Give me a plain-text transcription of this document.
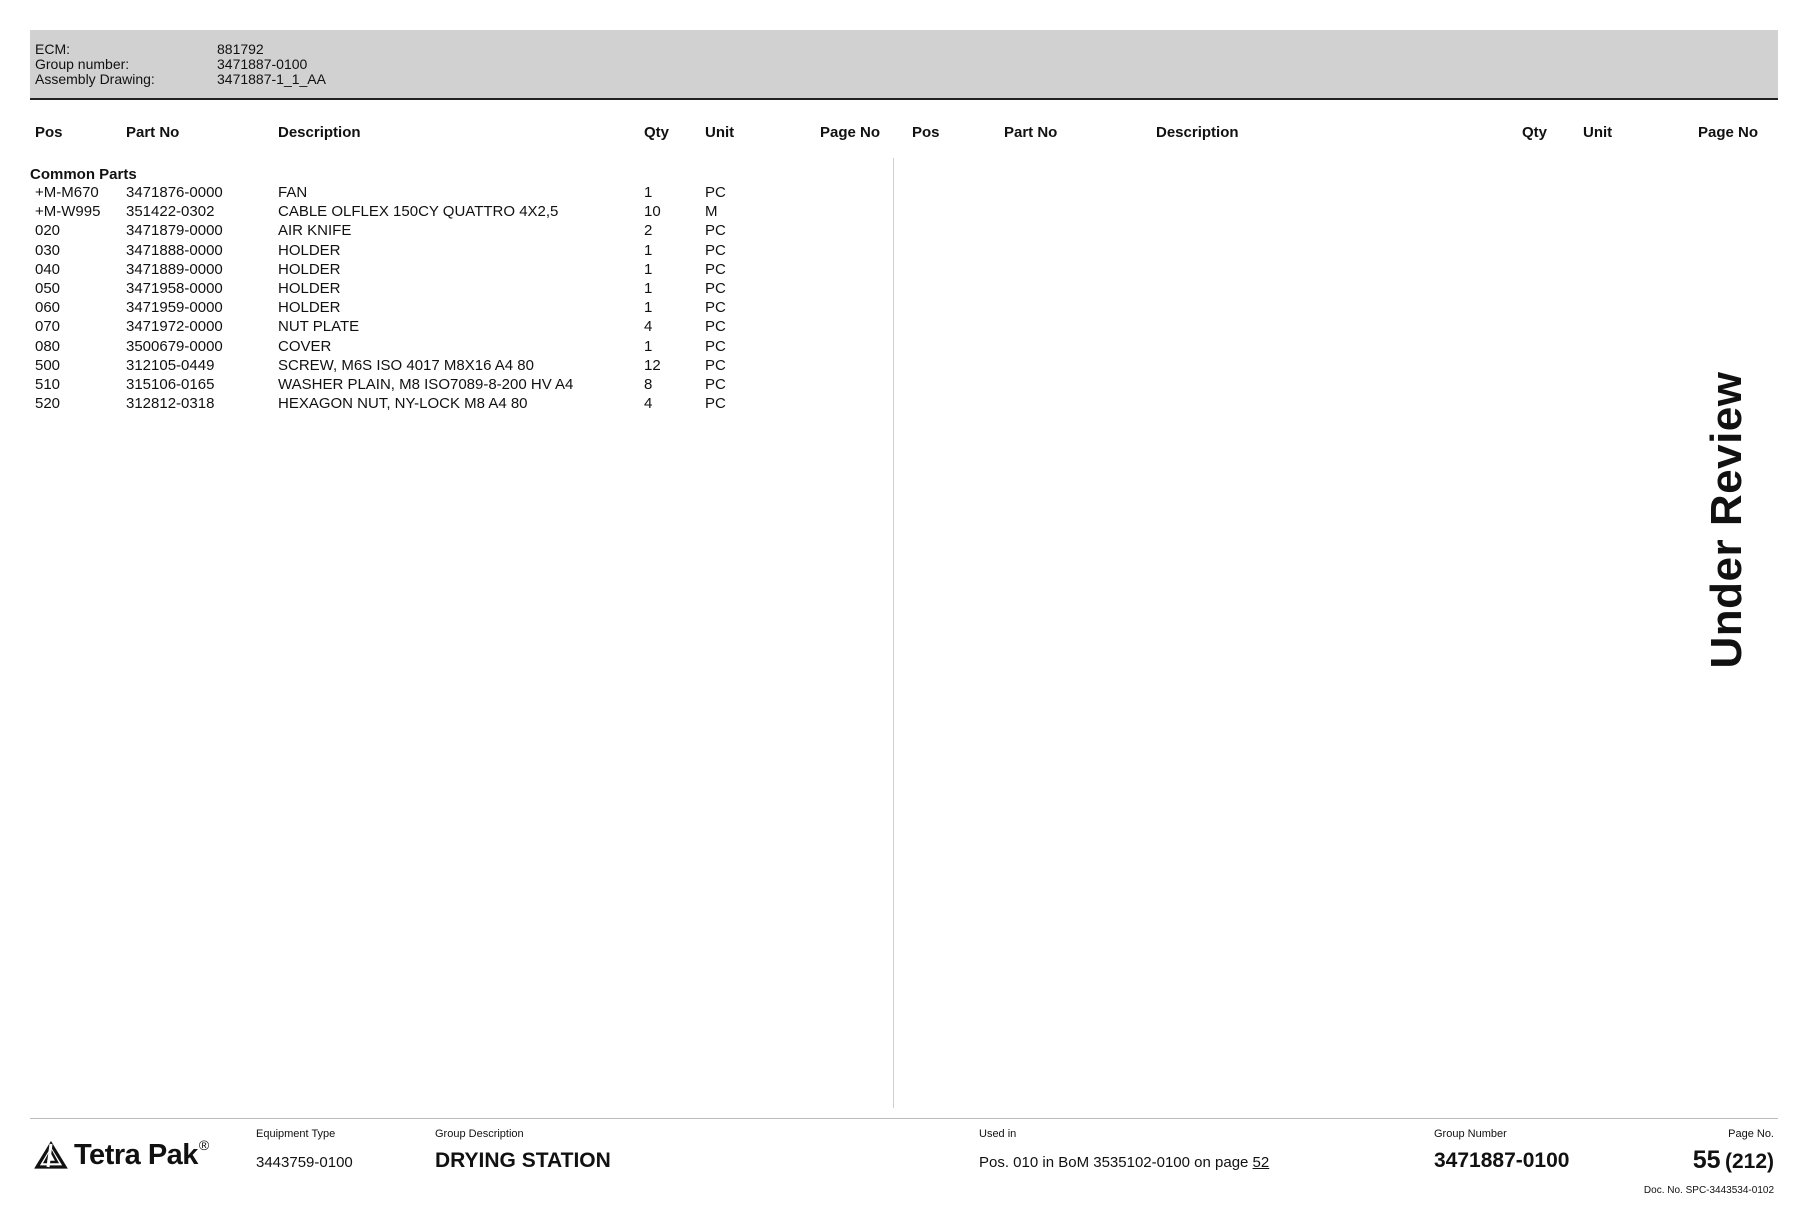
ECM:	881792
Group number:	3471887-0100
Assembly Drawing:	3471887-1_1_AA
Pos	Part No	Description	Qty Unit	Page No Pos	Part No	Description	Qty Unit	Page No
Common Parts
+M-M670 3471876-0000	FAN	1	PC
+M-W995 351422-0302	CABLE OLFLEX 150CY QUATTRO 4X2,5	10	M
020	3471879-0000	AIR KNIFE	2	PC
030	3471888-0000	HOLDER	1	PC
040	3471889-0000	HOLDER	1	PC
050	3471958-0000	HOLDER	1	PC
060	3471959-0000	HOLDER	1	PC
070	3471972-0000	NUT PLATE	4	PC
080	3500679-0000	COVER	1	PC
500	312105-0449	SCREW, M6S ISO 4017 M8X16 A4 80	12	PC
510	315106-0165	WASHER PLAIN, M8 ISO7089-8-200 HV A4	8	PC
520	312812-0318	HEXAGON NUT, NY-LOCK M8 A4 80	4	PC	Under Review
Tetra Pak ®
Equipment Type
3443759-0100
Group Description
DRYING STATION
Used in
Pos. 010 in BoM 3535102-0100 on page 52
Group Number
3471887-0100
Page No.
55 (212)
Doc. No. SPC-3443534-0102
